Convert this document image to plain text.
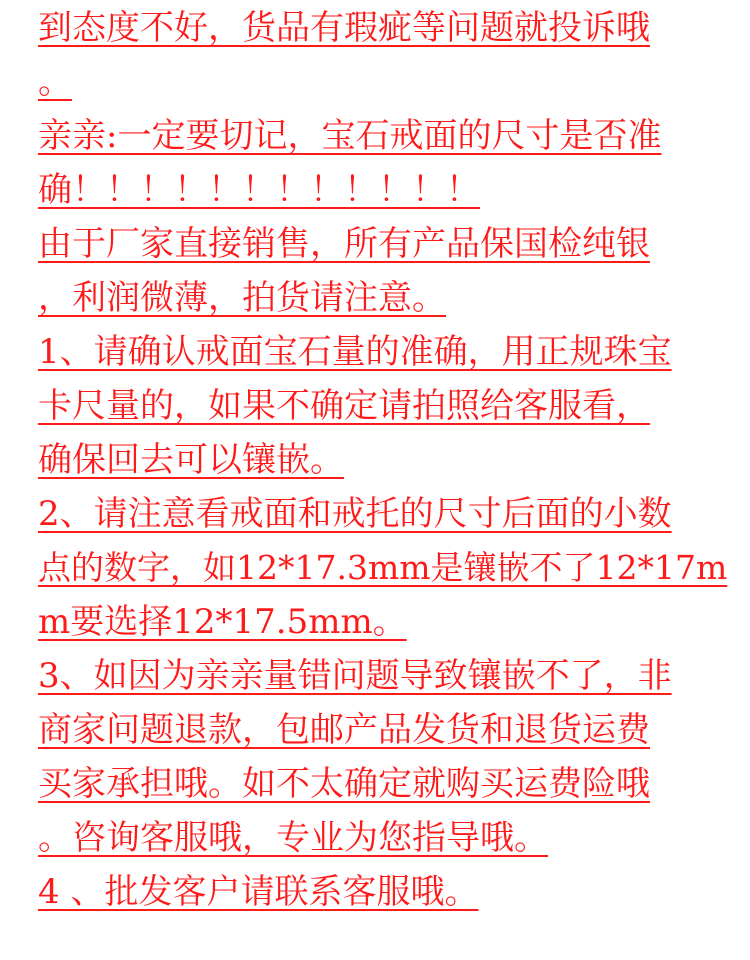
到态度不好，货品有瑕疵等问题就投诉哦
。
亲亲:一定要切记，宝石戒面的尺寸是否准
确！！！！！！！！！！！！
由于厂家直接销售，所有产品保国检纯银
，利润微薄，拍货请注意。
1、请确认戒面宝石量的准确，用正规珠宝
卡尺量的，如果不确定请拍照给客服看，
确保回去可以镶嵌。
2、请注意看戒面和戒托的尺寸后面的小数
点的数字，如12*17.3mm是镶嵌不了12*17m
m要选择12*17.5mm。
3、如因为亲亲量错问题导致镶嵌不了，非
商家问题退款，包邮产品发货和退货运费
买家承担哦。如不太确定就购买运费险哦
。咨询客服哦，专业为您指导哦。
4 、批发客户请联系客服哦。
